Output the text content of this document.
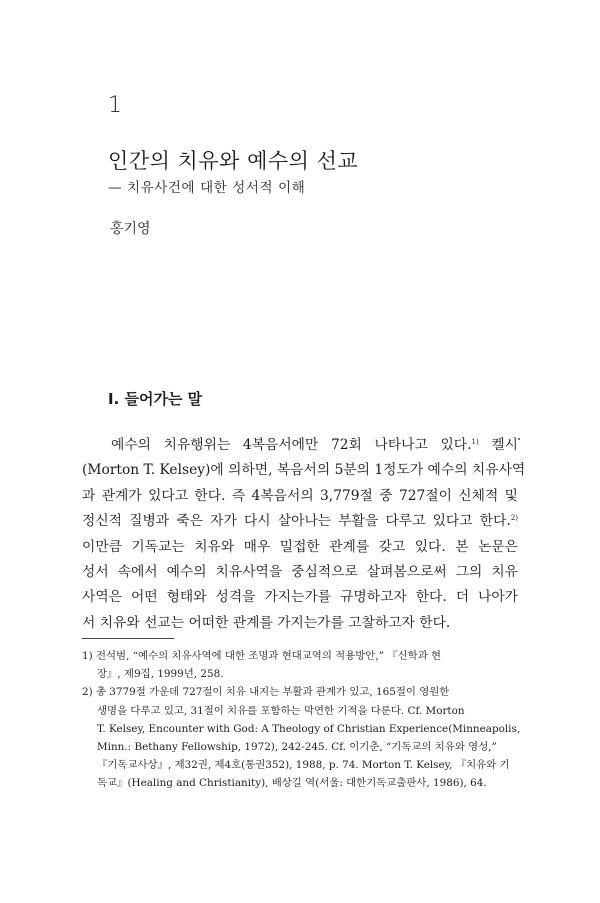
1
인간의 치유와 예수의 선교
— 치유사건에 대한 성서적 이해
홍기영
I. 들어가는 말
예수의 치유행위는 4복음서에만 72회 나타나고 있다.$^{1)}$ 켈시
(Morton T. Kelsey)에 의하면, 복음서의 5분의 1정도가 예수의 치유사역
과 관계가 있다고 한다. 즉 4복음서의 3,779절 중 727절이 신체적 및
정신적 질병과 죽은 자가 다시 살아나는 부활을 다루고 있다고 한다.$^{2)}$
이만큼 기독교는 치유와 매우 밀접한 관계를 갖고 있다. 본 논문은
성서 속에서 예수의 치유사역을 중심적으로 살펴봄으로써 그의 치유
사역은 어떤 형태와 성격을 가지는가를 규명하고자 한다. 더 나아가
서 치유와 선교는 어떠한 관계를 가지는가를 고찰하고자 한다.
1) 전석범, “예수의 치유사역에 대한 조명과 현대교역의 적용방안,” 『신학과 현
장』, 제9집, 1999년, 258.
2) 총 3779절 가운데 727절이 치유 내지는 부활과 관계가 있고, 165절이 영원한
생명을 다루고 있고, 31절이 치유를 포함하는 막연한 기적을 다룬다. Cf. Morton
T. Kelsey, Encounter with God: A Theology of Christian Experience(Minneapolis,
Minn.: Bethany Fellowship, 1972), 242-245. Cf. 이기춘, “기독교의 치유와 영성,”
『기독교사상』, 제32권, 제4호(통권352), 1988, p. 74. Morton T. Kelsey, 『치유와 기
독교』(Healing and Christianity), 배상길 역(서울: 대한기독교출판사, 1986), 64.
